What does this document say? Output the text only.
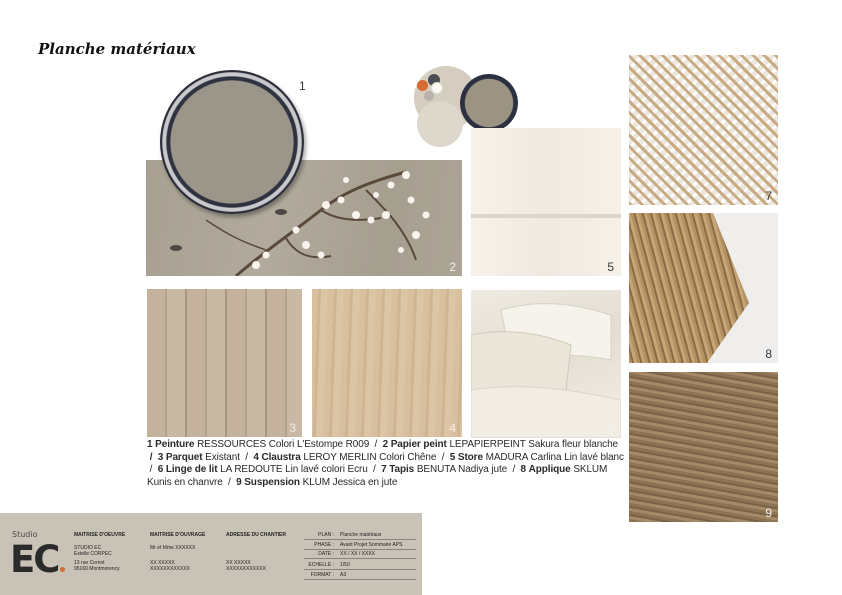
Planche matériaux
2
1
5
3	4	6
7
8
9
1 Peinture RESSOURCES Colori L'Estompe R009  /  2 Papier peint LEPAPIERPEINT Sakura fleur blanche  / 3 Parquet Existant  /  4 Claustra LEROY MERLIN Colori Chêne  /  5 Store MADURA Carlina Lin lavé blanc  /  6 Linge de lit LA REDOUTE Lin lavé colori Ecru  /  7 Tapis BENUTA Nadiya jute  /  8 Applique SKLUM Kunis en chanvre  /  9 Suspension KLUM Jessica en jute
Studio
EC
MAITRISE D'OEUVRE
STUDIO EC
Estelle CORPEC
13 rue Cornot
95160 Montmorency
MAITRISE D'OUVRAGE
Mr et Mme XXXXXX
XX XXXXX
XXXXXXXXXXXX
ADRESSE DU CHANTIER
XX XXXXX
XXXXXXXXXXXX
PLAN : Planche matériaux
PHASE : Avant Projet Sommaire APS
DATE : XX / XX / XXXX
ECHELLE : 1/50
FORMAT : A3
